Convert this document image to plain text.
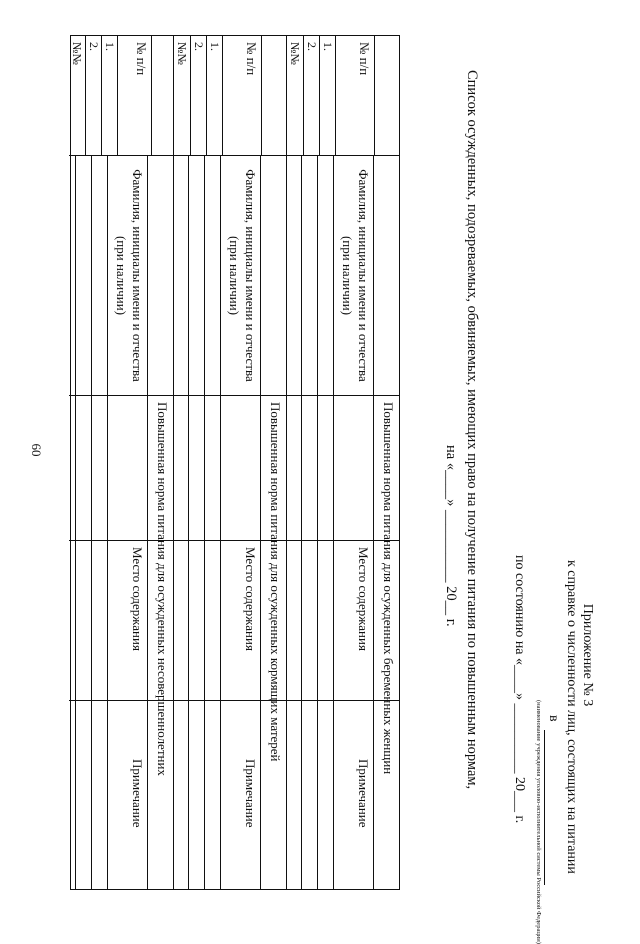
60
Приложение № 3
к справке о численности лиц, состоящих на питании
в
(наименование учреждения уголовно-исполнительной системы Российской Федерации)
по состоянию на «____» __________ 20___ г.
Список осужденных, подозреваемых, обвиняемых, имеющих право на получение питания по повышенным нормам,
на «____» __________ 20__ г.
№ п/п
1.
2.
№№
Фамилия, инициалы имени и отчества (при наличии)
Повышенная норма питания для осужденных беременных женщин
Место содержания
Примечание
№ п/п
1.
2.
№№
Фамилия, инициалы имени и отчества (при наличии)
Повышенная норма питания для осужденных кормящих матерей
Место содержания
Примечание
№ п/п
1.
2.
№№
Фамилия, инициалы имени и отчества (при наличии)
Повышенная норма питания для осужденных несовершеннолетних
Место содержания
Примечание
